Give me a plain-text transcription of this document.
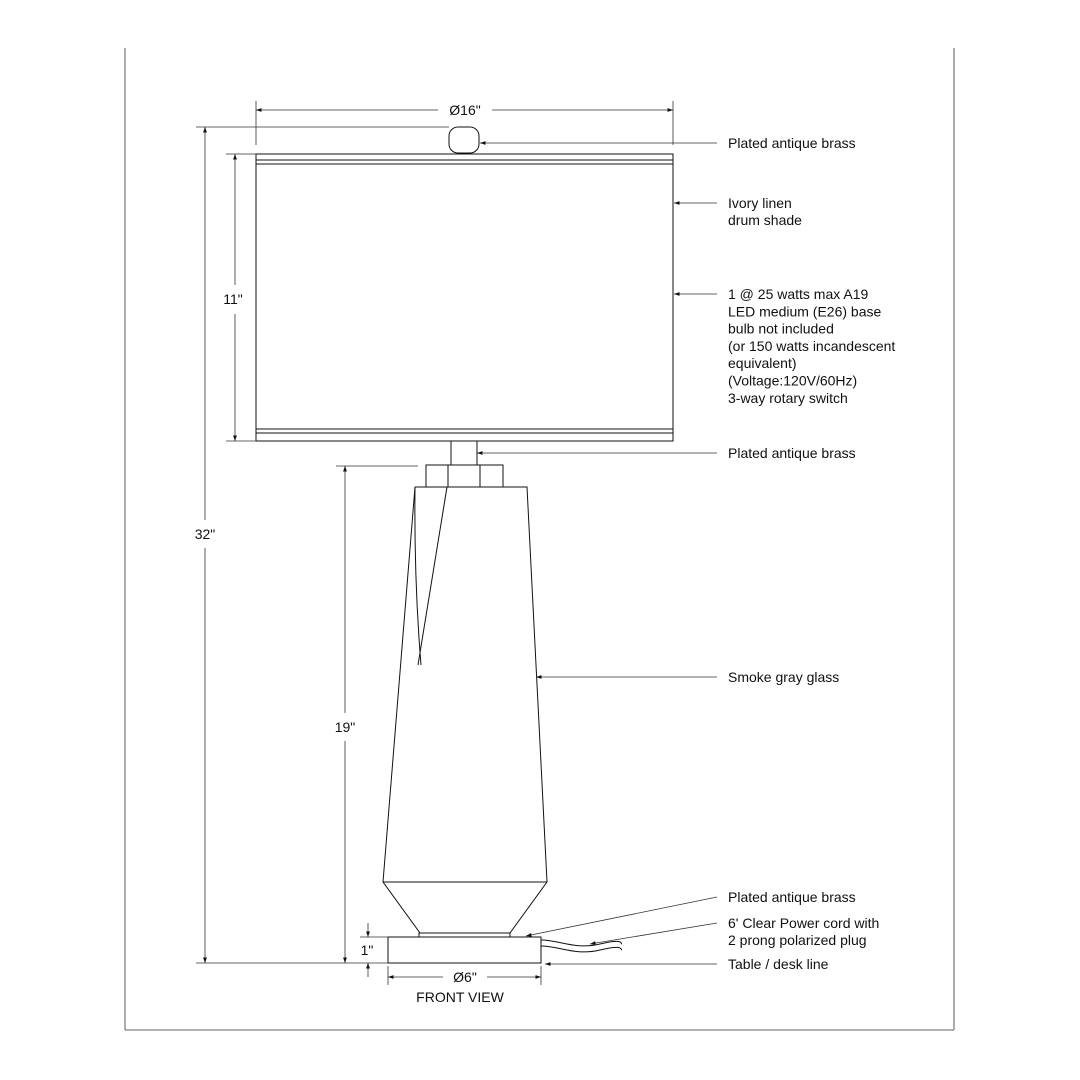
Ø16"
32"
11"
19"
1"
Ø6"
Plated antique brass
Ivory linen drum shade
1 @ 25 watts max A19 LED medium (E26) base bulb not included (or 150 watts incandescent equivalent) (Voltage:120V/60Hz) 3-way rotary switch
Plated antique brass
Smoke gray glass
Plated antique brass
6' Clear Power cord with 2 prong polarized plug
Table / desk line
FRONT VIEW
